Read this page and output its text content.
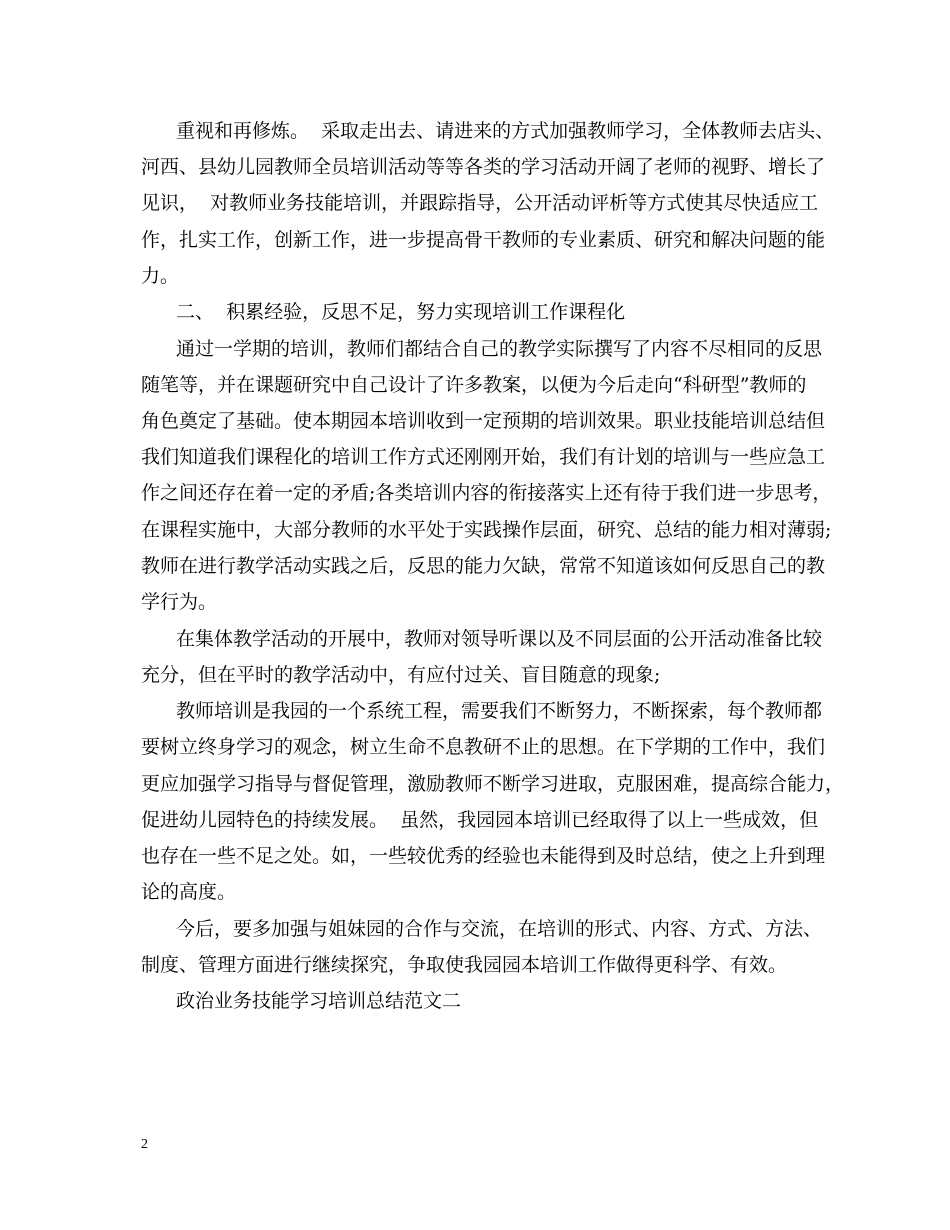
重视和再修炼。  采取走出去、请进来的方式加强教师学习，全体教师去店头、
河西、县幼儿园教师全员培训活动等等各类的学习活动开阔了老师的视野、增长了
见识，  对教师业务技能培训，并跟踪指导，公开活动评析等方式使其尽快适应工
作，扎实工作，创新工作，进一步提高骨干教师的专业素质、研究和解决问题的能
力。
二、  积累经验，反思不足，努力实现培训工作课程化
通过一学期的培训，教师们都结合自己的教学实际撰写了内容不尽相同的反思
随笔等，并在课题研究中自己设计了许多教案，以便为今后走向“科研型”教师的
角色奠定了基础。使本期园本培训收到一定预期的培训效果。职业技能培训总结但
我们知道我们课程化的培训工作方式还刚刚开始，我们有计划的培训与一些应急工
作之间还存在着一定的矛盾;各类培训内容的衔接落实上还有待于我们进一步思考，
在课程实施中，大部分教师的水平处于实践操作层面，研究、总结的能力相对薄弱;
教师在进行教学活动实践之后，反思的能力欠缺，常常不知道该如何反思自己的教
学行为。
在集体教学活动的开展中，教师对领导听课以及不同层面的公开活动准备比较
充分，但在平时的教学活动中，有应付过关、盲目随意的现象;
教师培训是我园的一个系统工程，需要我们不断努力，不断探索，每个教师都
要树立终身学习的观念，树立生命不息教研不止的思想。在下学期的工作中，我们
更应加强学习指导与督促管理，激励教师不断学习进取，克服困难，提高综合能力，
促进幼儿园特色的持续发展。  虽然，我园园本培训已经取得了以上一些成效，但
也存在一些不足之处。如，一些较优秀的经验也未能得到及时总结，使之上升到理
论的高度。
今后，要多加强与姐妹园的合作与交流，在培训的形式、内容、方式、方法、
制度、管理方面进行继续探究，争取使我园园本培训工作做得更科学、有效。
政治业务技能学习培训总结范文二
2
